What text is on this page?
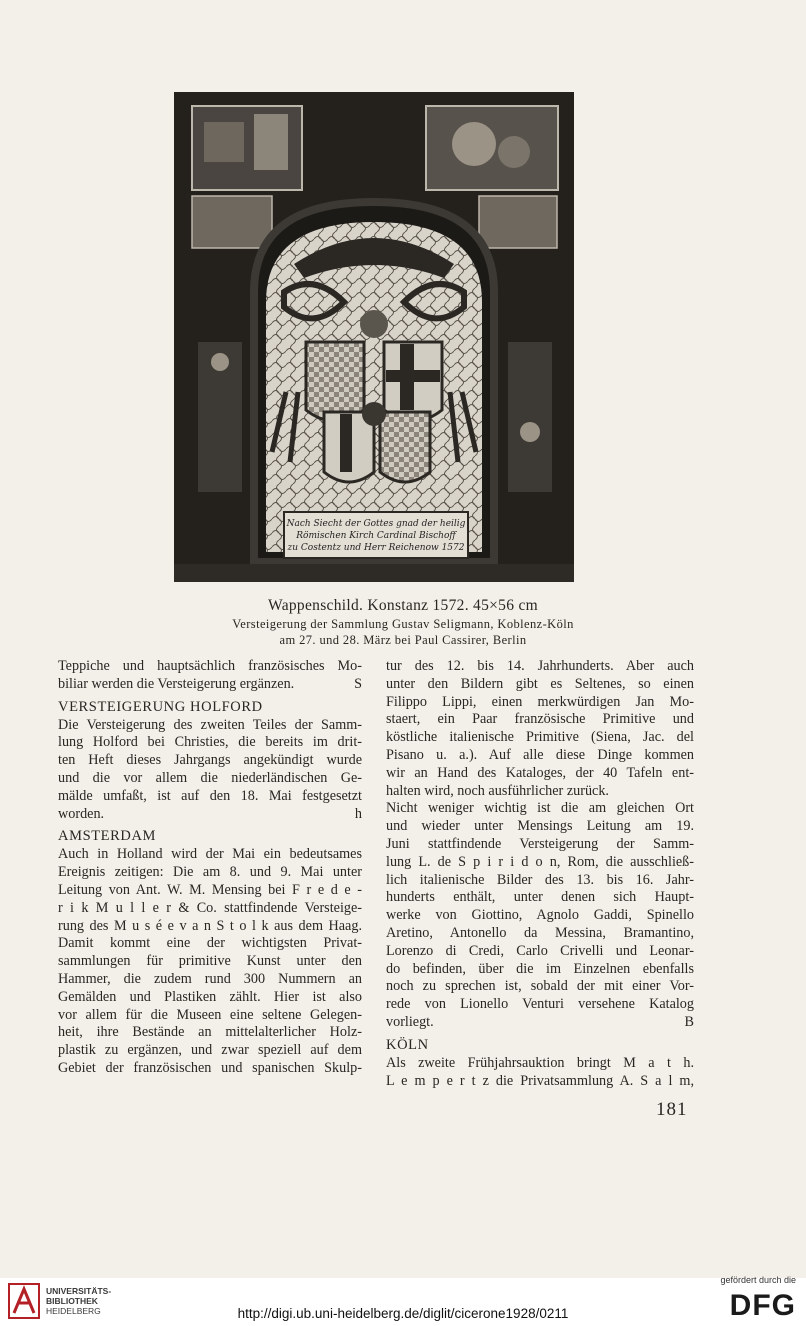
Nach Siecht der Gottes gnad der heilig
Römischen Kirch Cardinal Bischoff
zu Costentz und Herr Reichenow 1572
Wappenschild. Konstanz 1572. 45×56 cm
Versteigerung der Sammlung Gustav Seligmann, Koblenz-Köln
am 27. und 28. März bei Paul Cassirer, Berlin
Teppiche und hauptsächlich französisches Mo-
biliar werden die Versteigerung ergänzen.	S
VERSTEIGERUNG HOLFORD
Die Versteigerung des zweiten Teiles der Samm-
lung Holford bei Christies, die bereits im drit-
ten Heft dieses Jahrgangs angekündigt wurde
und die vor allem die niederländischen Ge-
mälde umfaßt, ist auf den 18. Mai festgesetzt
worden.	h
AMSTERDAM
Auch in Holland wird der Mai ein bedeutsames
Ereignis zeitigen: Die am 8. und 9. Mai unter
Leitung von Ant. W. M. Mensing bei F r e d e -
r i k M u l l e r & Co. stattfindende Versteige-
rung des M u s é e v a n S t o l k aus dem Haag.
Damit kommt eine der wichtigsten Privat-
sammlungen für primitive Kunst unter den
Hammer, die zudem rund 300 Nummern an
Gemälden und Plastiken zählt. Hier ist also
vor allem für die Museen eine seltene Gelegen-
heit, ihre Bestände an mittelalterlicher Holz-
plastik zu ergänzen, und zwar speziell auf dem
Gebiet der französischen und spanischen Skulp-
tur des 12. bis 14. Jahrhunderts. Aber auch
unter den Bildern gibt es Seltenes, so einen
Filippo Lippi, einen merkwürdigen Jan Mo-
staert, ein Paar französische Primitive und
köstliche italienische Primitive (Siena, Jac. del
Pisano u. a.). Auf alle diese Dinge kommen
wir an Hand des Kataloges, der 40 Tafeln ent-
halten wird, noch ausführlicher zurück.
Nicht weniger wichtig ist die am gleichen Ort
und wieder unter Mensings Leitung am 19.
Juni stattfindende Versteigerung der Samm-
lung L. de S p i r i d o n, Rom, die ausschließ-
lich italienische Bilder des 13. bis 16. Jahr-
hunderts enthält, unter denen sich Haupt-
werke von Giottino, Agnolo Gaddi, Spinello
Aretino, Antonello da Messina, Bramantino,
Lorenzo di Credi, Carlo Crivelli und Leonar-
do befinden, über die im Einzelnen ebenfalls
noch zu sprechen ist, sobald der mit einer Vor-
rede von Lionello Venturi versehene Katalog
vorliegt.	B
KÖLN
Als zweite Frühjahrsauktion bringt M a t h.
L e m p e r t z die Privatsammlung A. S a l m,
181
UNIVERSITÄTS-
BIBLIOTHEK
HEIDELBERG	http://digi.ub.uni-heidelberg.de/diglit/cicerone1928/0211
gefördert durch die
DFG
